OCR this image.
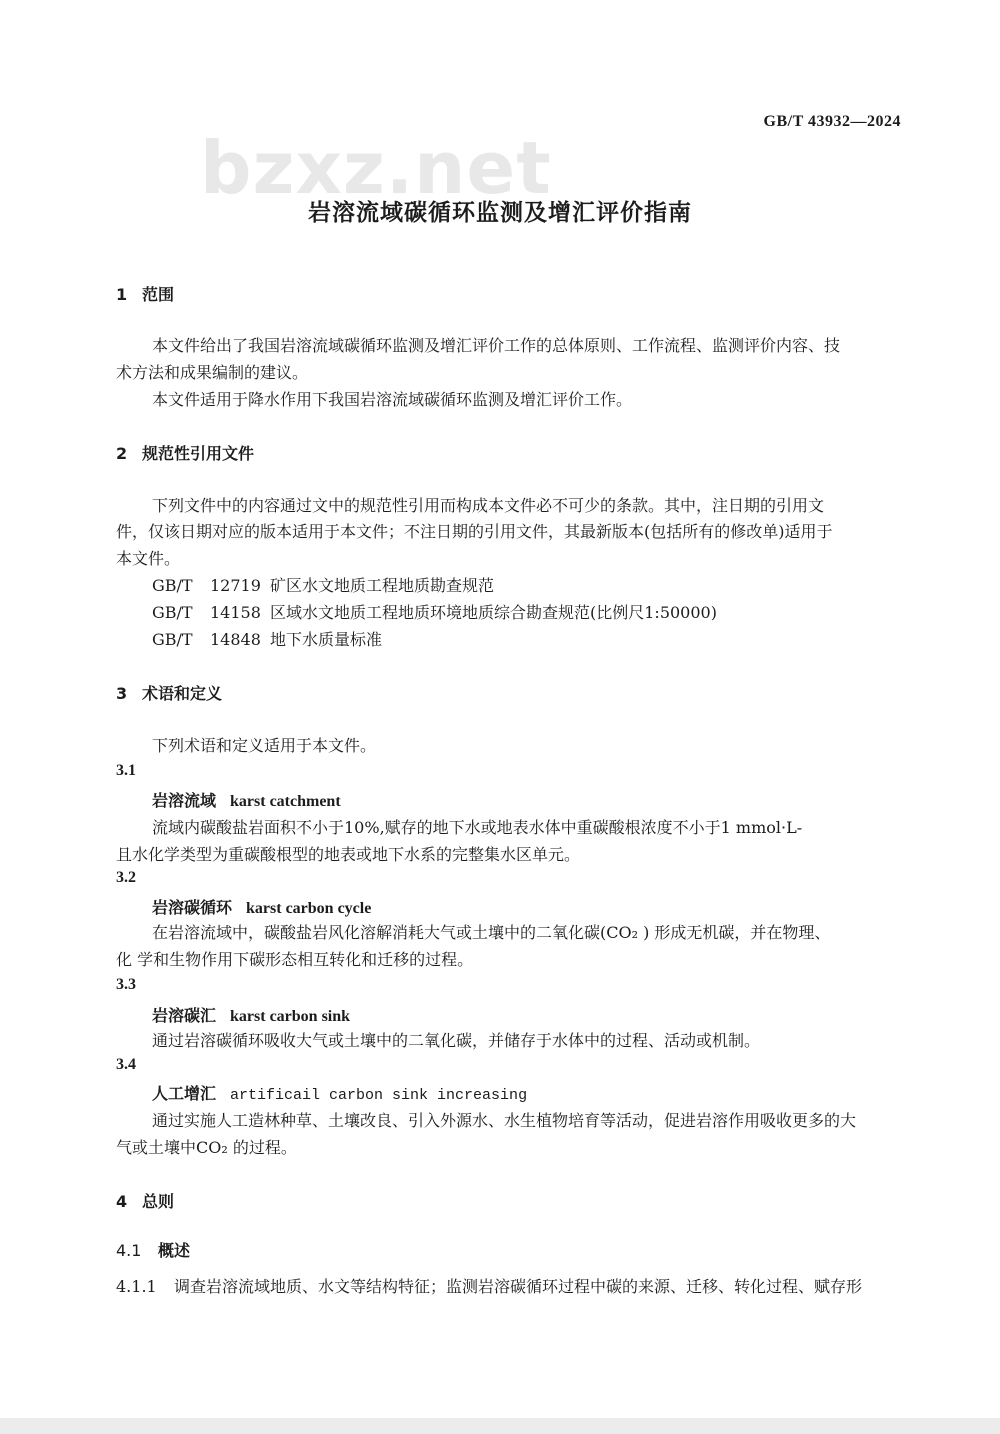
GB/T 43932—2024
bzxz.net
岩溶流域碳循环监测及增汇评价指南
1 范围
本文件给出了我国岩溶流域碳循环监测及增汇评价工作的总体原则、工作流程、监测评价内容、技
术方法和成果编制的建议。
本文件适用于降水作用下我国岩溶流域碳循环监测及增汇评价工作。
2 规范性引用文件
下列文件中的内容通过文中的规范性引用而构成本文件必不可少的条款。其中，注日期的引用文
件，仅该日期对应的版本适用于本文件；不注日期的引用文件，其最新版本(包括所有的修改单)适用于
本文件。
GB/T 12719 矿区水文地质工程地质勘查规范
GB/T 14158 区域水文地质工程地质环境地质综合勘查规范(比例尺1:50000)
GB/T 14848 地下水质量标准
3 术语和定义
下列术语和定义适用于本文件。
3.1
岩溶流域 karst catchment
流域内碳酸盐岩面积不小于10%,赋存的地下水或地表水体中重碳酸根浓度不小于1 mmol·L-
且水化学类型为重碳酸根型的地表或地下水系的完整集水区单元。
3.2
岩溶碳循环 karst carbon cycle
在岩溶流域中，碳酸盐岩风化溶解消耗大气或土壤中的二氧化碳(CO₂ ) 形成无机碳，并在物理、
化 学和生物作用下碳形态相互转化和迁移的过程。
3.3
岩溶碳汇 karst carbon sink
通过岩溶碳循环吸收大气或土壤中的二氧化碳，并储存于水体中的过程、活动或机制。
3.4
人工增汇 artificail carbon sink increasing
通过实施人工造林种草、土壤改良、引入外源水、水生植物培育等活动，促进岩溶作用吸收更多的大
气或土壤中CO₂ 的过程。
4 总则
4.1 概述
4.1.1 调查岩溶流域地质、水文等结构特征；监测岩溶碳循环过程中碳的来源、迁移、转化过程、赋存形
